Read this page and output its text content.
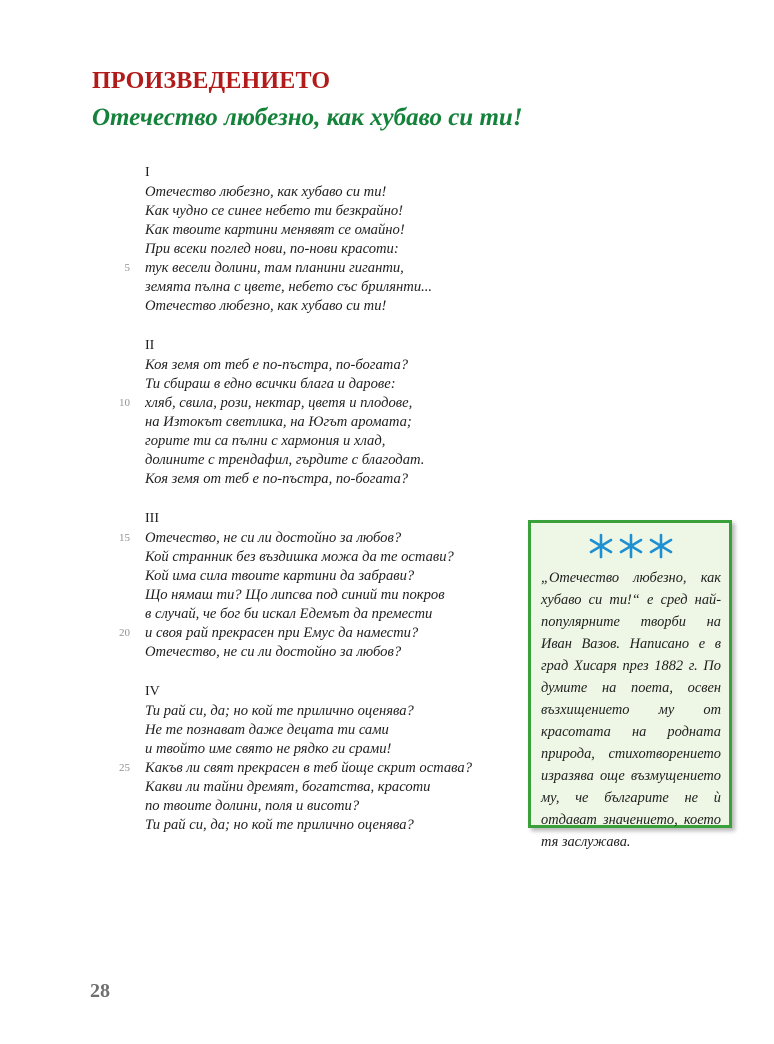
ПРОИЗВЕДЕНИЕТО
Отечество любезно, как хубаво си ти!
I
Отечество любезно, как хубаво си ти!
Как чудно се синее небето ти безкрайно!
Как твоите картини менявят се омайно!
При всеки поглед нови, по-нови красоти:
тук весели долини, там планини гиганти,
5
земята пълна с цвете, небето със брилянти...
Отечество любезно, как хубаво си ти!
II
Коя земя от теб е по-пъстра, по-богата?
Ти сбираш в едно всички блага и дарове:
хляб, свила, рози, нектар, цветя и плодове,
10
на Изтокът светлика, на Югът аромата;
горите ти са пълни с хармония и хлад,
долините с трендафил, гърдите с благодат.
Коя земя от теб е по-пъстра, по-богата?
III
Отечество, не си ли достойно за любов?
15
Кой странник без въздишка можа да те остави?
Кой има сила твоите картини да забрави?
Що нямаш ти? Що липсва под синий ти покров
в случай, че бог би искал Едемът да премести
и своя рай прекрасен при Емус да намести?
20
Отечество, не си ли достойно за любов?
IV
Ти рай си, да; но кой те прилично оценява?
Не те познават даже децата ти сами
и твойто име свято не рядко ги срами!
Какъв ли свят прекрасен в теб йоще скрит остава?
25
Какви ли тайни дремят, богатства, красоти
по твоите долини, поля и висоти?
Ти рай си, да; но кой те прилично оценява?

„Отечество любезно, как хубаво си ти!“ е сред най-популярните творби на Иван Вазов. Написано е в град Хисаря през 1882 г. По думите на поета, освен възхищението му от красотата на родната природа, стихотворението изразява още възмущението му, че българите не ѝ отдават значението, което тя заслужава.

28
